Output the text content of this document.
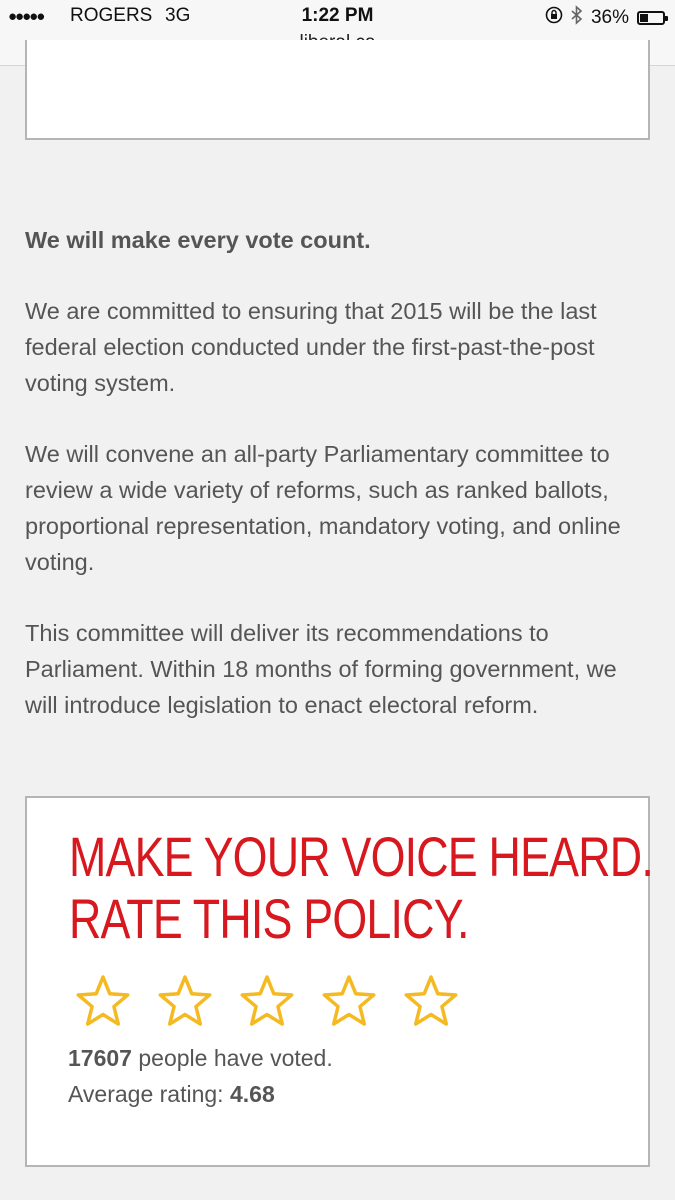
●●●●● ROGERS 3G	1:22 PM	36%

We will make every vote count.

We are committed to ensuring that 2015 will be the last federal election conducted under the first-past-the-post voting system.

We will convene an all-party Parliamentary committee to review a wide variety of reforms, such as ranked ballots, proportional representation, mandatory voting, and online voting.

This committee will deliver its recommendations to Parliament. Within 18 months of forming government, we will introduce legislation to enact electoral reform.

MAKE YOUR VOICE HEARD.
RATE THIS POLICY.
17607 people have voted.
Average rating: 4.68
